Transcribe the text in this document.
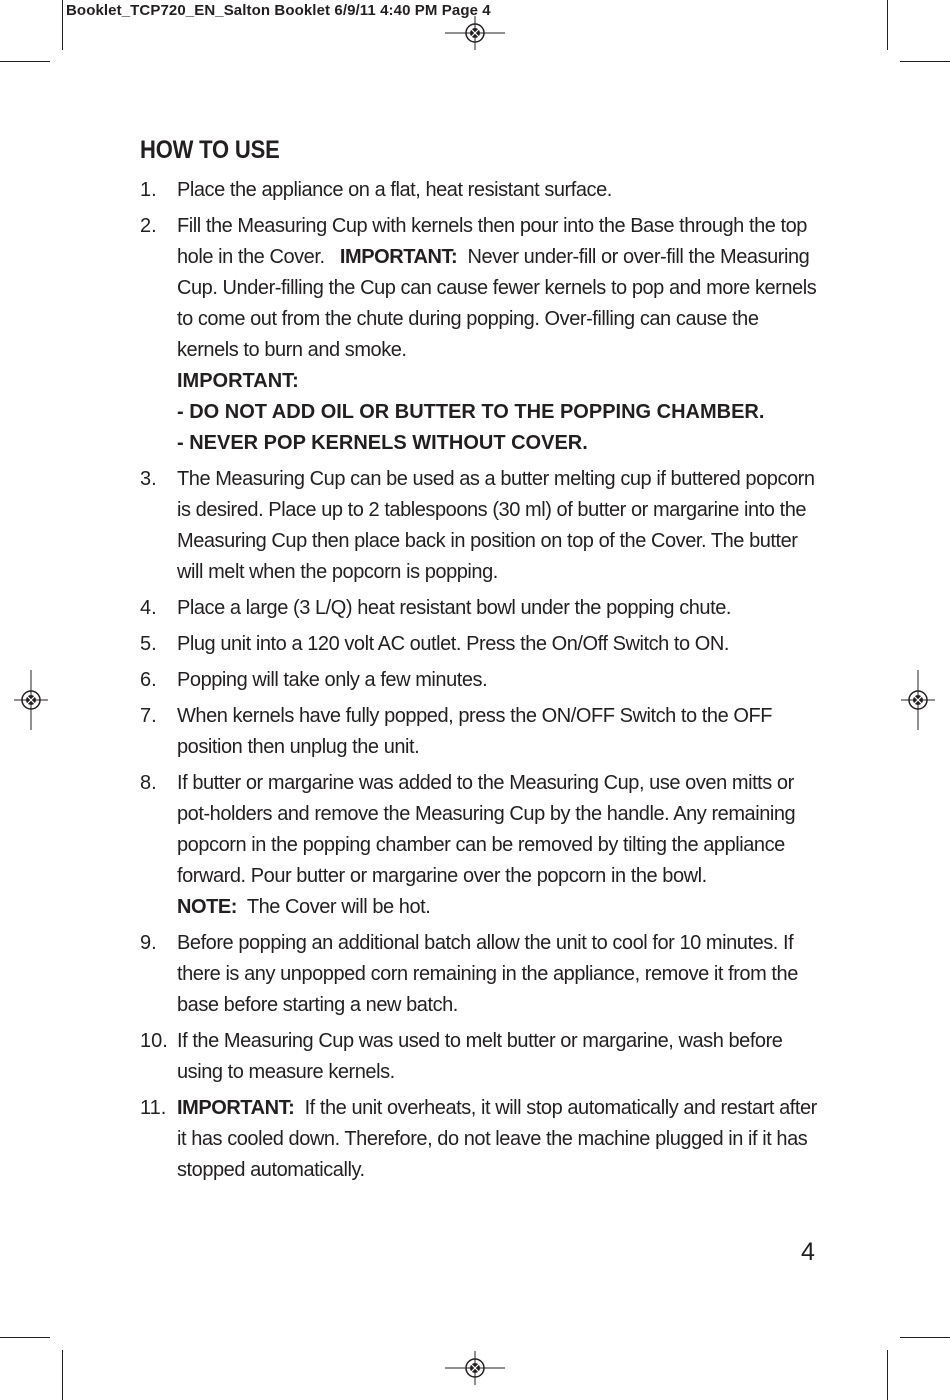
Booklet_TCP720_EN_Salton Booklet 6/9/11 4:40 PM Page 4
HOW TO USE
1.	Place the appliance on a flat, heat resistant surface.
2.	Fill the Measuring Cup with kernels then pour into the Base through the top hole in the Cover. IMPORTANT: Never under-fill or over-fill the Measuring Cup. Under-filling the Cup can cause fewer kernels to pop and more kernels to come out from the chute during popping. Over-filling can cause the kernels to burn and smoke.
IMPORTANT:
- DO NOT ADD OIL OR BUTTER TO THE POPPING CHAMBER.
- NEVER POP KERNELS WITHOUT COVER.
3.	The Measuring Cup can be used as a butter melting cup if buttered popcorn is desired. Place up to 2 tablespoons (30 ml) of butter or margarine into the Measuring Cup then place back in position on top of the Cover. The butter will melt when the popcorn is popping.
4.	Place a large (3 L/Q) heat resistant bowl under the popping chute.
5.	Plug unit into a 120 volt AC outlet. Press the On/Off Switch to ON.
6.	Popping will take only a few minutes.
7.	When kernels have fully popped, press the ON/OFF Switch to the OFF position then unplug the unit.
8.	If butter or margarine was added to the Measuring Cup, use oven mitts or pot-holders and remove the Measuring Cup by the handle. Any remaining popcorn in the popping chamber can be removed by tilting the appliance forward. Pour butter or margarine over the popcorn in the bowl.
NOTE: The Cover will be hot.
9.	Before popping an additional batch allow the unit to cool for 10 minutes. If there is any unpopped corn remaining in the appliance, remove it from the base before starting a new batch.
10. If the Measuring Cup was used to melt butter or margarine, wash before using to measure kernels.
11. IMPORTANT: If the unit overheats, it will stop automatically and restart after it has cooled down. Therefore, do not leave the machine plugged in if it has stopped automatically.
4
